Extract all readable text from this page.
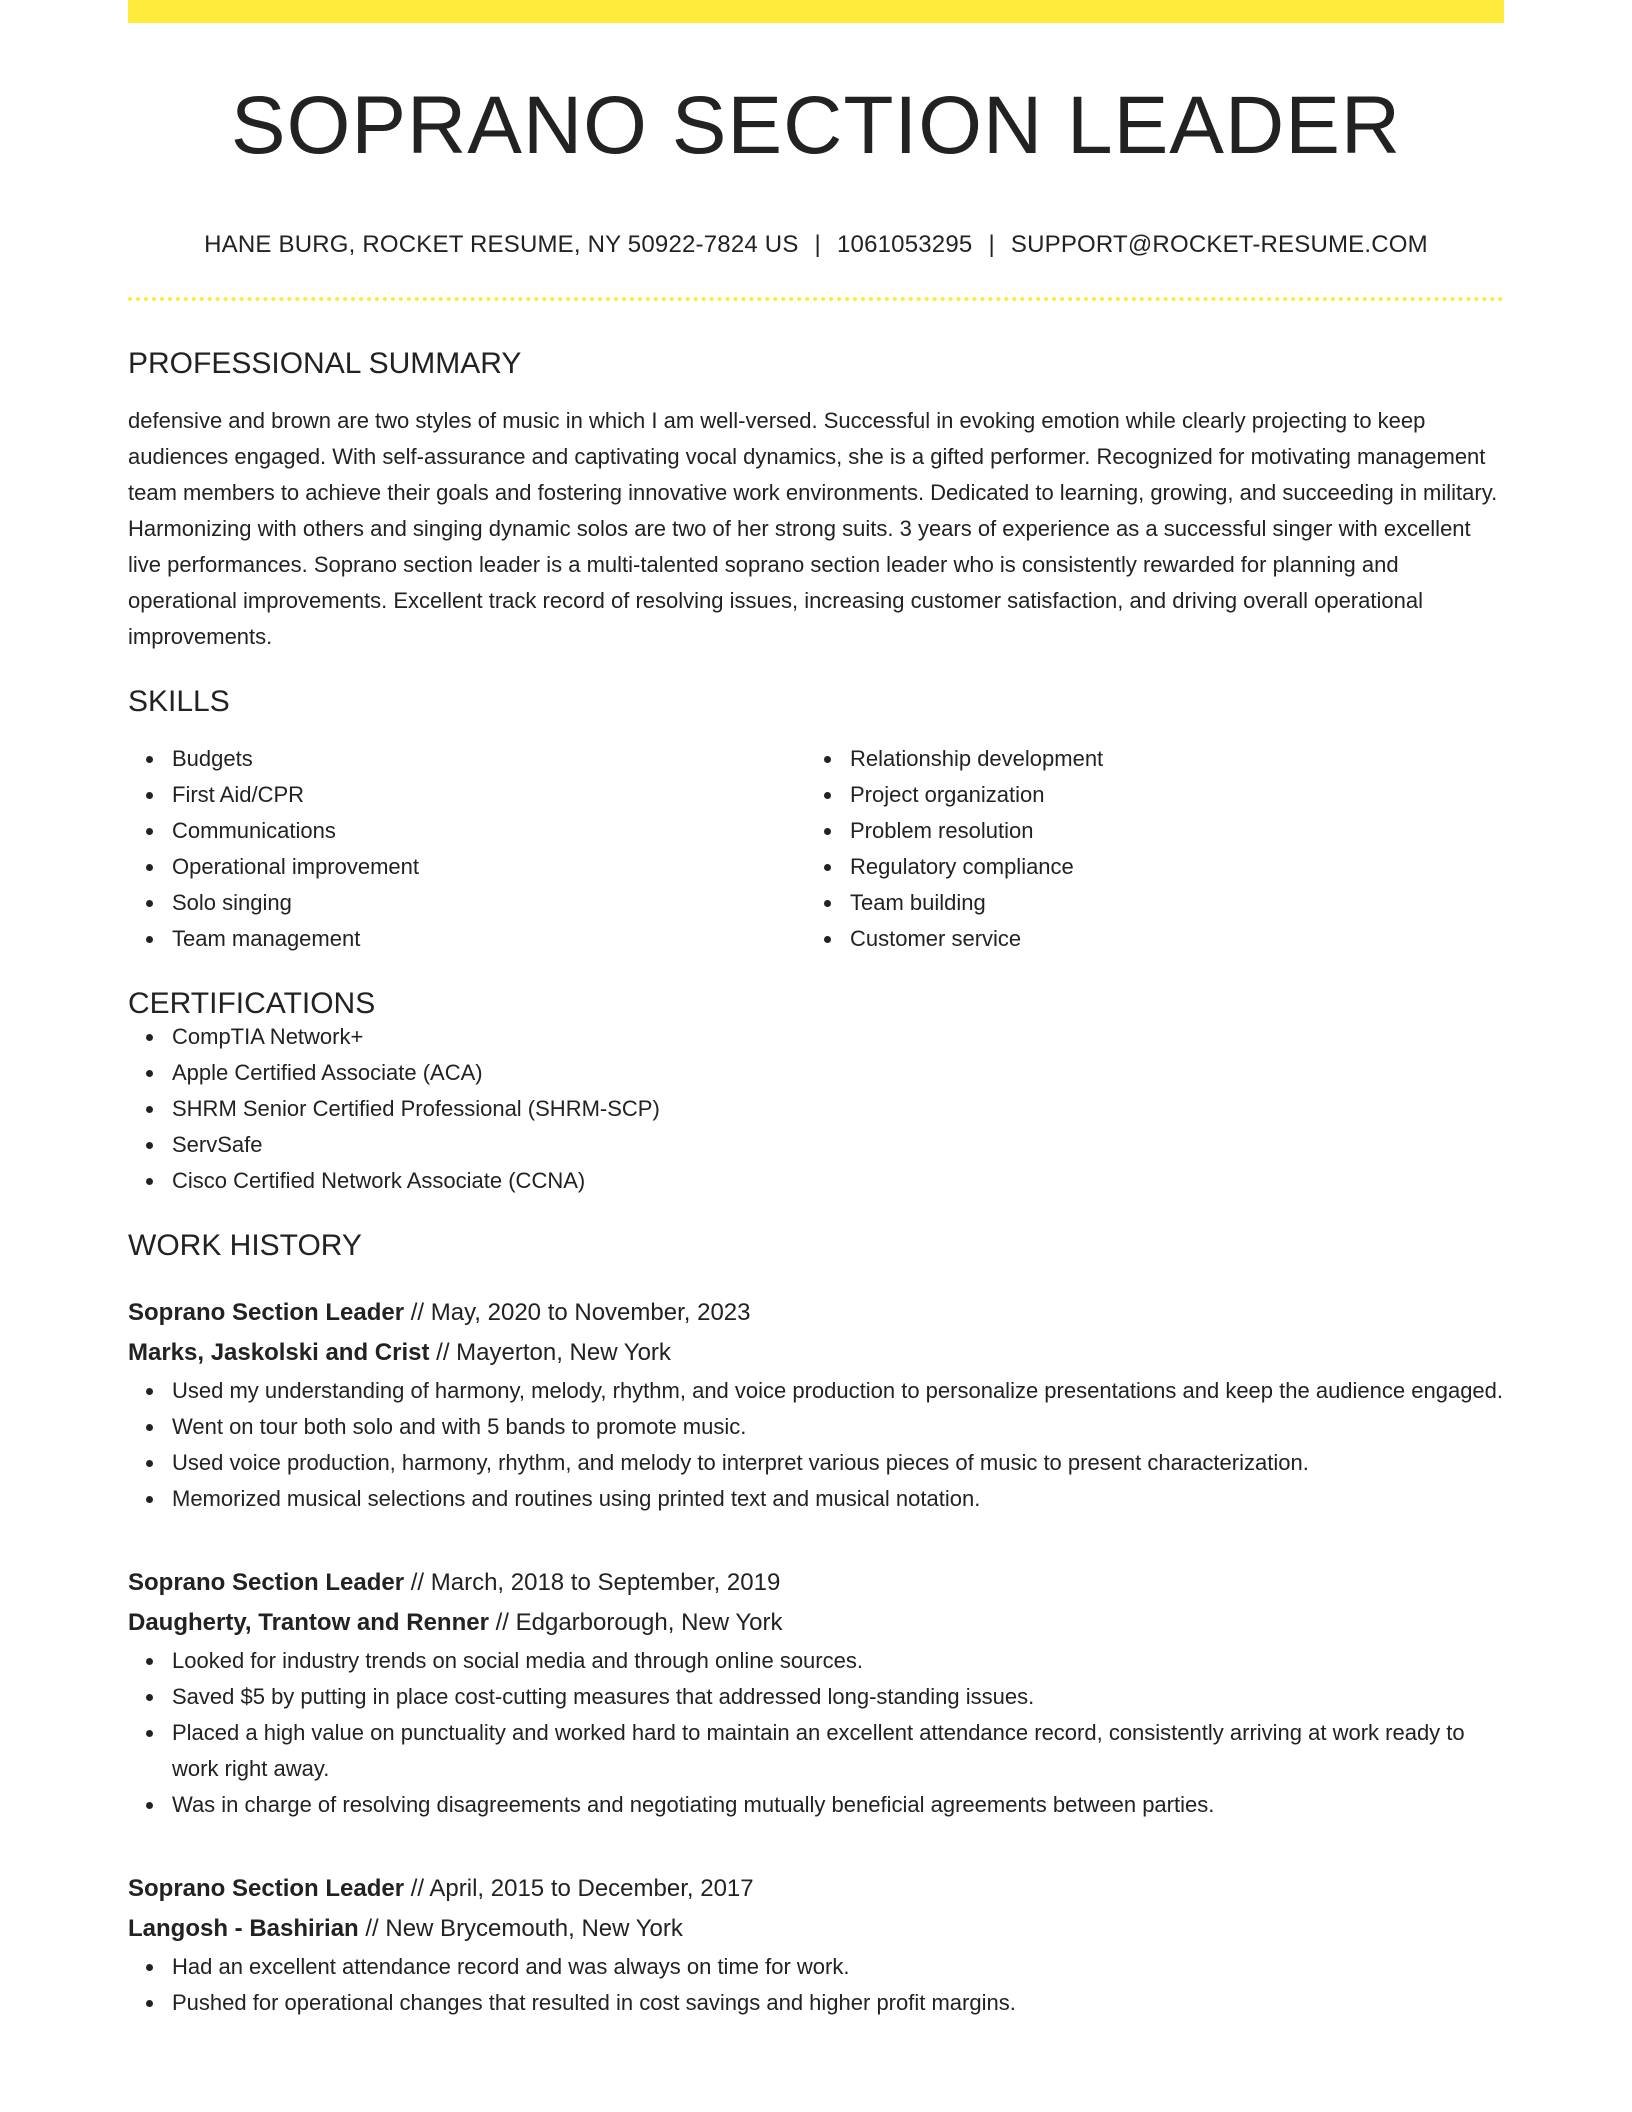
SOPRANO SECTION LEADER
HANE BURG, ROCKET RESUME, NY 50922-7824 US | 1061053295 | SUPPORT@ROCKET-RESUME.COM
PROFESSIONAL SUMMARY
defensive and brown are two styles of music in which I am well-versed. Successful in evoking emotion while clearly projecting to keep audiences engaged. With self-assurance and captivating vocal dynamics, she is a gifted performer. Recognized for motivating management team members to achieve their goals and fostering innovative work environments. Dedicated to learning, growing, and succeeding in military. Harmonizing with others and singing dynamic solos are two of her strong suits. 3 years of experience as a successful singer with excellent live performances. Soprano section leader is a multi-talented soprano section leader who is consistently rewarded for planning and operational improvements. Excellent track record of resolving issues, increasing customer satisfaction, and driving overall operational improvements.
SKILLS
Budgets
First Aid/CPR
Communications
Operational improvement
Solo singing
Team management
Relationship development
Project organization
Problem resolution
Regulatory compliance
Team building
Customer service
CERTIFICATIONS
CompTIA Network+
Apple Certified Associate (ACA)
SHRM Senior Certified Professional (SHRM-SCP)
ServSafe
Cisco Certified Network Associate (CCNA)
WORK HISTORY
Soprano Section Leader // May, 2020 to November, 2023
Marks, Jaskolski and Crist // Mayerton, New York
Used my understanding of harmony, melody, rhythm, and voice production to personalize presentations and keep the audience engaged.
Went on tour both solo and with 5 bands to promote music.
Used voice production, harmony, rhythm, and melody to interpret various pieces of music to present characterization.
Memorized musical selections and routines using printed text and musical notation.
Soprano Section Leader // March, 2018 to September, 2019
Daugherty, Trantow and Renner // Edgarborough, New York
Looked for industry trends on social media and through online sources.
Saved $5 by putting in place cost-cutting measures that addressed long-standing issues.
Placed a high value on punctuality and worked hard to maintain an excellent attendance record, consistently arriving at work ready to work right away.
Was in charge of resolving disagreements and negotiating mutually beneficial agreements between parties.
Soprano Section Leader // April, 2015 to December, 2017
Langosh - Bashirian // New Brycemouth, New York
Had an excellent attendance record and was always on time for work.
Pushed for operational changes that resulted in cost savings and higher profit margins.
